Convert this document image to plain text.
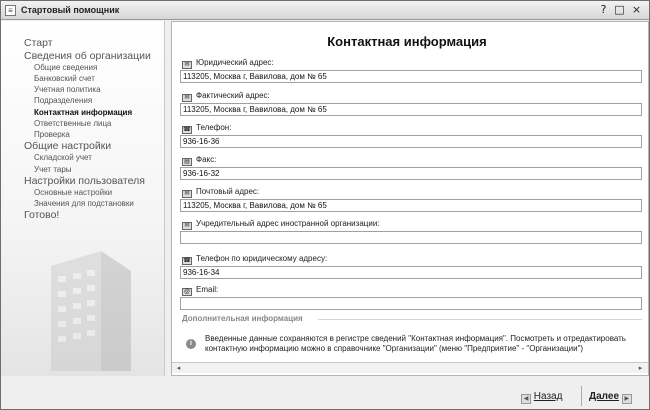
≡ Стартовый помощник	? □ ×
Старт
Сведения об организации
Общие сведения
Банковский счет
Учетная политика
Подразделения
Контактная информация
Ответственные лица
Проверка
Общие настройки
Складской учет
Учет тары
Настройки пользователя
Основные настройки
Значения для подстановки
Готово!
Контактная информация
✉ Юридический адрес:
113205, Москва г, Вавилова, дом № 65
✉ Фактический адрес:
113205, Москва г, Вавилова, дом № 65
☎ Телефон:
936-16-36
▤ Факс:
936-16-32
✉ Почтовый адрес:
113205, Москва г, Вавилова, дом № 65
✉ Учредительный адрес иностранной организации:
☎ Телефон по юридическому адресу:
936-16-34
@ Email:
Дополнительная информация
i
Введенные данные сохраняются в регистре сведений "Контактная информация". Посмотреть и отредактировать контактную информацию можно в справочнике "Организации" (меню "Предприятие" - "Организации")
◂	▸
◀ Назад	Далее ▶
